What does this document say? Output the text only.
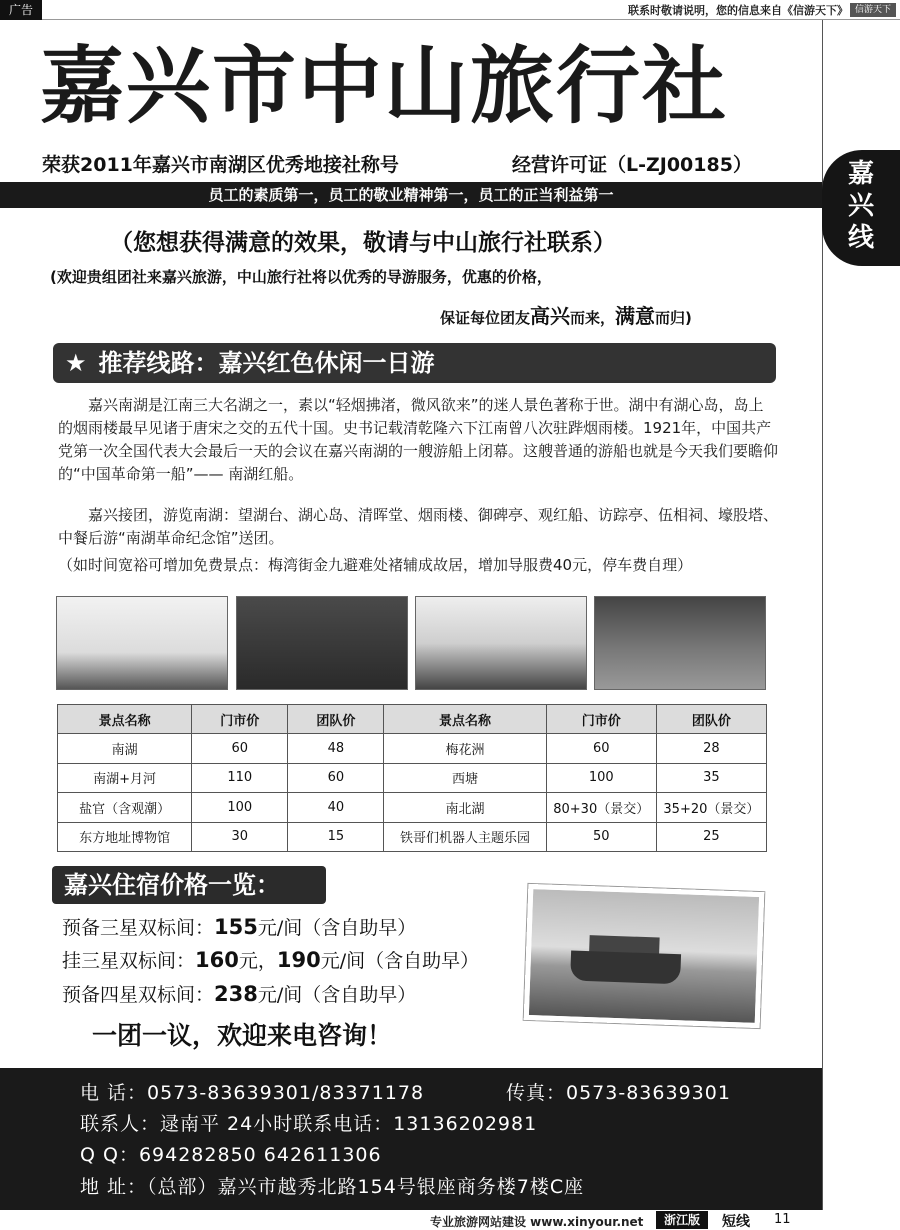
广告	联系时敬请说明，您的信息来自《信游天下》 信游天下
嘉兴线
嘉兴市中山旅行社
荣获2011年嘉兴市南湖区优秀地接社称号	经营许可证（L-ZJ00185）
员工的素质第一，员工的敬业精神第一，员工的正当利益第一
（您想获得满意的效果，敬请与中山旅行社联系）
(欢迎贵组团社来嘉兴旅游，中山旅行社将以优秀的导游服务，优惠的价格，
保证每位团友高兴而来，满意而归)
★ 推荐线路：嘉兴红色休闲一日游
嘉兴南湖是江南三大名湖之一，素以“轻烟拂渚，微风欲来”的迷人景色著称于世。湖中有湖心岛，岛上的烟雨楼最早见诸于唐宋之交的五代十国。史书记载清乾隆六下江南曾八次驻跸烟雨楼。1921年，中国共产党第一次全国代表大会最后一天的会议在嘉兴南湖的一艘游船上闭幕。这艘普通的游船也就是今天我们要瞻仰的“中国革命第一船”—— 南湖红船。
嘉兴接团，游览南湖：望湖台、湖心岛、清晖堂、烟雨楼、御碑亭、观红船、访踪亭、伍相祠、壕股塔、中餐后游“南湖革命纪念馆”送团。
（如时间宽裕可增加免费景点：梅湾街金九避难处褚辅成故居，增加导服费40元，停车费自理）
景点名称	门市价	团队价	景点名称	门市价	团队价
南湖	60	48	梅花洲	60	28
南湖+月河	110	60	西塘	100	35
盐官（含观潮）	100	40	南北湖	80+30（景交）	35+20（景交）
东方地址博物馆	30	15	铁哥们机器人主题乐园	50	25
嘉兴住宿价格一览：
预备三星双标间：155元/间（含自助早）
挂三星双标间：160元，190元/间（含自助早）
预备四星双标间：238元/间（含自助早）
一团一议，欢迎来电咨询！
电 话：0573-83639301/83371178	传真：0573-83639301
联系人：逯南平 24小时联系电话：13136202981
Q Q：694282850 642611306
地 址：（总部）嘉兴市越秀北路154号银座商务楼7楼C座
专业旅游网站建设 www.xinyour.net	浙江版	短线 11
